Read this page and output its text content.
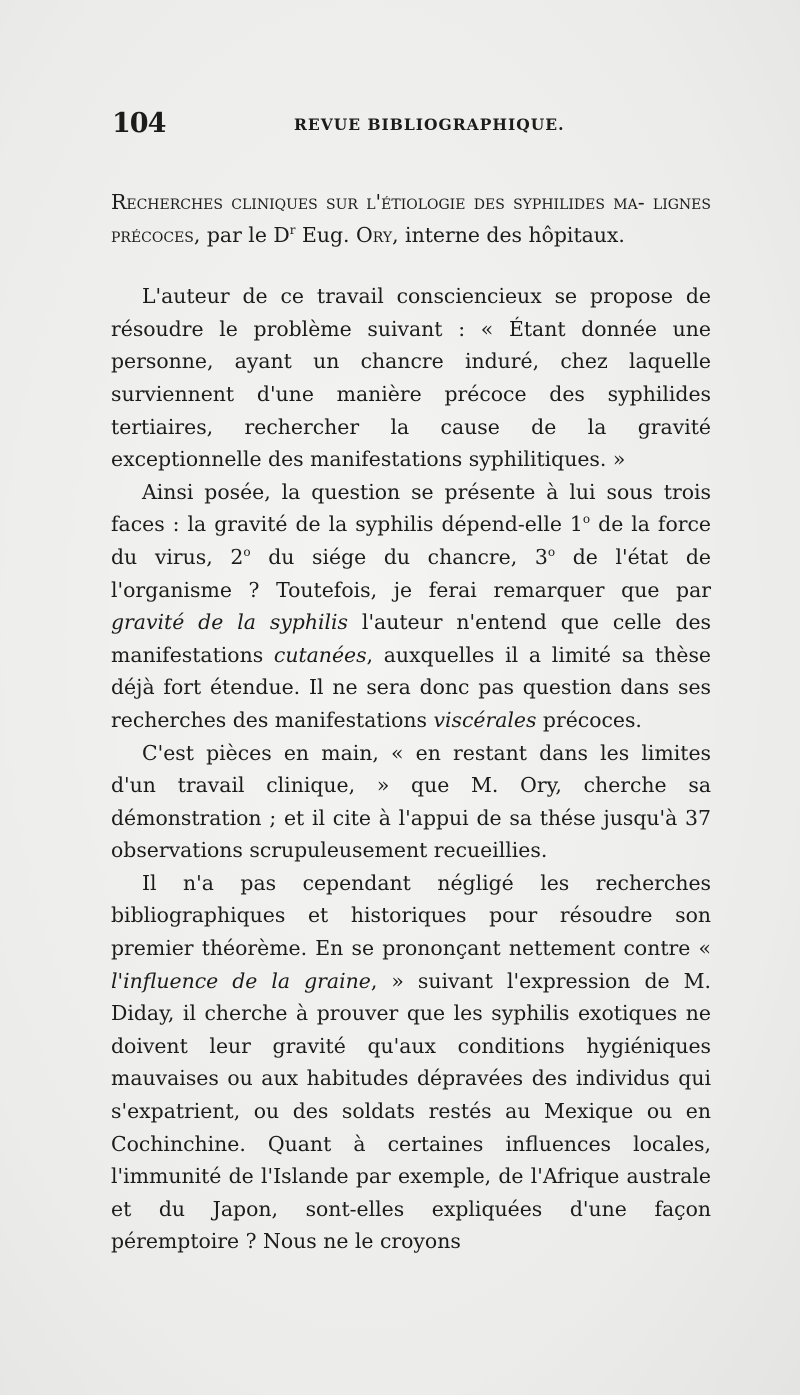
104	REVUE BIBLIOGRAPHIQUE.

Recherches cliniques sur l'étiologie des syphilides ma- lignes précoces, par le $D^r$ Eug. Ory, interne des hôpitaux.

L'auteur de ce travail consciencieux se propose de résoudre le problème suivant : « Étant donnée une personne, ayant un chancre induré, chez laquelle surviennent d'une manière précoce des syphilides tertiaires, rechercher la cause de la gravité exceptionnelle des manifestations syphilitiques. »

Ainsi posée, la question se présente à lui sous trois faces : la gravité de la syphilis dépend-elle 1$^o$ de la force du virus, 2$^o$ du siége du chancre, 3$^o$ de l'état de l'organisme ? Toutefois, je ferai remarquer que par gravité de la syphilis l'auteur n'entend que celle des manifestations cutanées, auxquelles il a limité sa thèse déjà fort étendue. Il ne sera donc pas question dans ses recherches des manifestations viscérales précoces.

C'est pièces en main, « en restant dans les limites d'un travail clinique, » que M. Ory, cherche sa démonstration ; et il cite à l'appui de sa thése jusqu'à 37 observations scrupuleusement recueillies.

Il n'a pas cependant négligé les recherches bibliographiques et historiques pour résoudre son premier théorème. En se prononçant nettement contre « l'influence de la graine, » suivant l'expression de M. Diday, il cherche à prouver que les syphilis exotiques ne doivent leur gravité qu'aux conditions hygiéniques mauvaises ou aux habitudes dépravées des individus qui s'expatrient, ou des soldats restés au Mexique ou en Cochinchine. Quant à certaines influences locales, l'immunité de l'Islande par exemple, de l'Afrique australe et du Japon, sont-elles expliquées d'une façon péremptoire ? Nous ne le croyons
